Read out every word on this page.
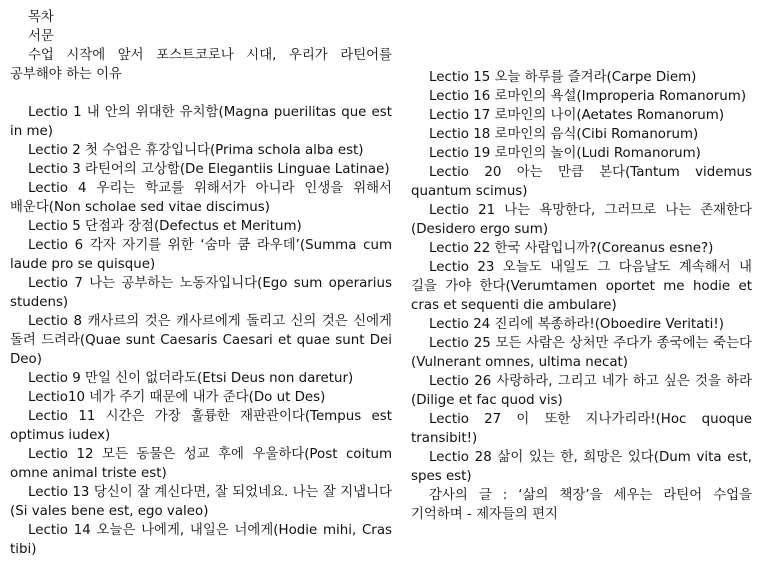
목차

서문

수업 시작에 앞서 포스트코로나 시대, 우리가 라틴어를 공부해야 하는 이유

Lectio 1 내 안의 위대한 유치함(Magna puerilitas que est in me)

Lectio 2 첫 수업은 휴강입니다(Prima schola alba est)

Lectio 3 라틴어의 고상함(De Elegantiis Linguae Latinae)

Lectio 4 우리는 학교를 위해서가 아니라 인생을 위해서 배운다(Non scholae sed vitae discimus)

Lectio 5 단점과 장점(Defectus et Meritum)

Lectio 6 각자 자기를 위한 ‘숨마 쿰 라우데’(Summa cum laude pro se quisque)

Lectio 7 나는 공부하는 노동자입니다(Ego sum operarius studens)

Lectio 8 캐사르의 것은 캐사르에게 돌리고 신의 것은 신에게 돌려 드려라(Quae sunt Caesaris Caesari et quae sunt Dei Deo)

Lectio 9 만일 신이 없더라도(Etsi Deus non daretur)

Lectio10 네가 주기 때문에 내가 준다(Do ut Des)

Lectio 11 시간은 가장 훌륭한 재판관이다(Tempus est optimus iudex)

Lectio 12 모든 동물은 성교 후에 우울하다(Post coitum omne animal triste est)

Lectio 13 당신이 잘 계신다면, 잘 되었네요. 나는 잘 지냅니다(Si vales bene est, ego valeo)

Lectio 14 오늘은 나에게, 내일은 너에게(Hodie mihi, Cras tibi)

Lectio 15 오늘 하루를 즐겨라(Carpe Diem)

Lectio 16 로마인의 욕설(Improperia Romanorum)

Lectio 17 로마인의 나이(Aetates Romanorum)

Lectio 18 로마인의 음식(Cibi Romanorum)

Lectio 19 로마인의 놀이(Ludi Romanorum)

Lectio 20 아는 만큼 본다(Tantum videmus quantum scimus)

Lectio 21 나는 욕망한다, 그러므로 나는 존재한다(Desidero ergo sum)

Lectio 22 한국 사람입니까?(Coreanus esne?)

Lectio 23 오늘도 내일도 그 다음날도 계속해서 내 길을 가야 한다(Verumtamen oportet me hodie et cras et sequenti die ambulare)

Lectio 24 진리에 복종하라!(Oboedire Veritati!)

Lectio 25 모든 사람은 상처만 주다가 종국에는 죽는다(Vulnerant omnes, ultima necat)

Lectio 26 사랑하라, 그리고 네가 하고 싶은 것을 하라(Dilige et fac quod vis)

Lectio 27 이 또한 지나가리라!(Hoc quoque transibit!)

Lectio 28 삶이 있는 한, 희망은 있다(Dum vita est, spes est)

감사의 글 : ‘삶의 책장’을 세우는 라틴어 수업을 기억하며 - 제자들의 편지
